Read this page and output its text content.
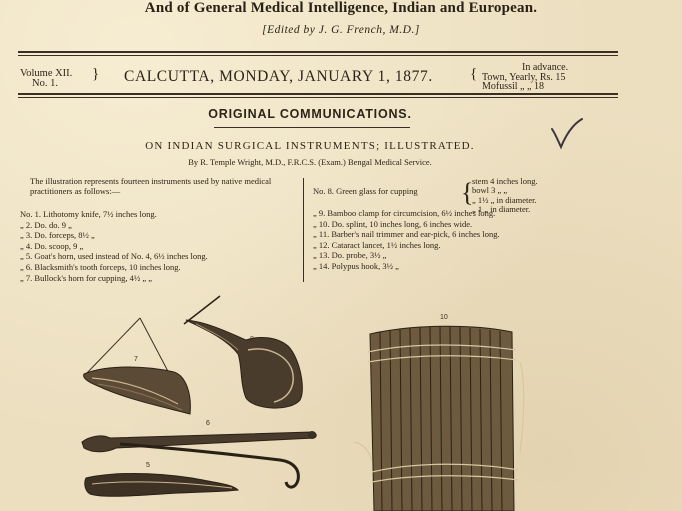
And of General Medical Intelligence, Indian and European.
[Edited by J. G. French, M.D.]
Volume XII.
No. 1.
} CALCUTTA, MONDAY, JANUARY 1, 1877. {	In advance.
Town, Yearly, Rs. 15
Mofussil „ „ 18
ORIGINAL COMMUNICATIONS.
ON INDIAN SURGICAL INSTRUMENTS; ILLUSTRATED.
By R. Temple Wright, M.D., F.R.C.S. (Exam.) Bengal Medical Service.
The illustration represents fourteen instruments used by native medical practitioners as follows:—
No. 1. Lithotomy knife, 7½ inches long.
„ 2. Do. do. 9 „
„ 3. Do. forceps, 8½ „
„ 4. Do. scoop, 9 „
„ 5. Goat's horn, used instead of No. 4, 6½ inches long.
„ 6. Blacksmith's tooth forceps, 10 inches long.
„ 7. Bullock's horn for cupping, 4½ „ „
No. 8. Green glass for cupping {
stem 4 inches long.
bowl 3 „ „
„ 1½ „ in diameter.
„ 1 „ in diameter.
„ 9. Bamboo clamp for circumcision, 6½ inches long.
„ 10. Do. splint, 10 inches long, 6 inches wide.
„ 11. Barber's nail trimmer and ear-pick, 6 inches long.
„ 12. Cataract lancet, 1½ inches long.
„ 13. Do. probe, 3½ „
„ 14. Polypus hook, 3½ „
7
8
6
5
10
